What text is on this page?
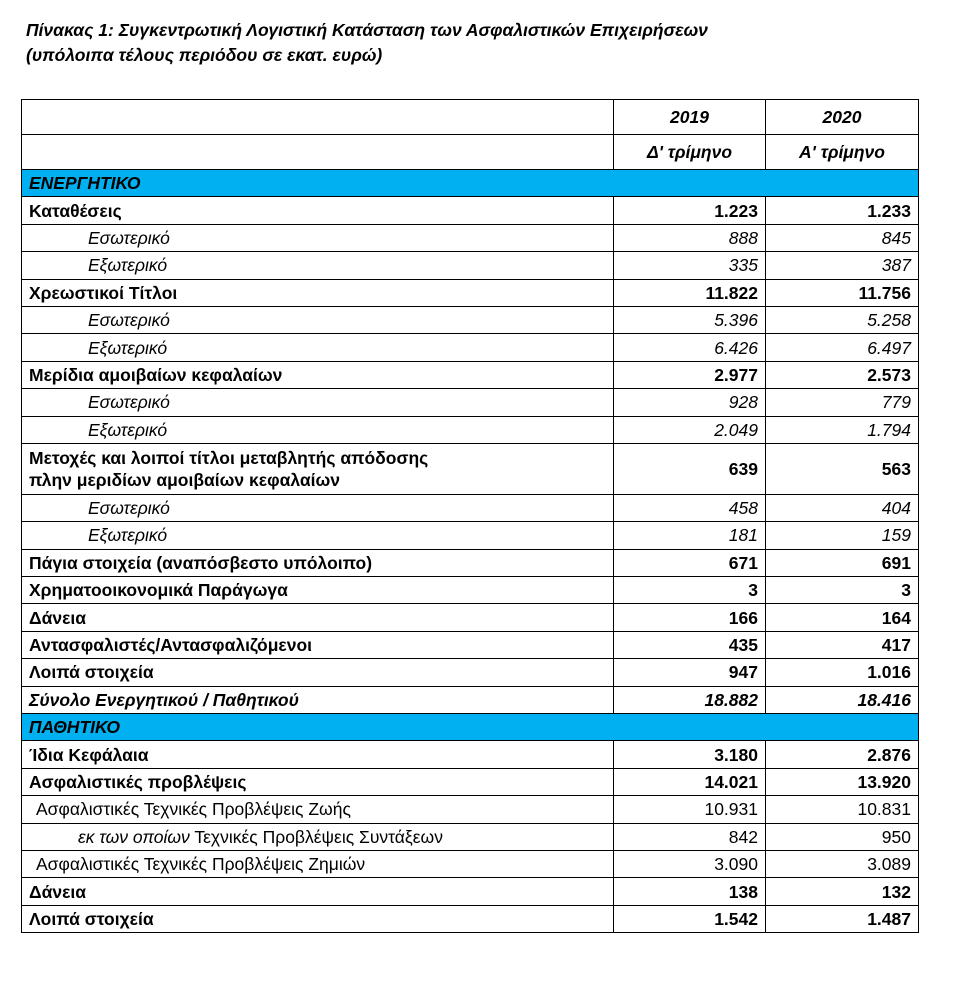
Πίνακας 1: Συγκεντρωτική Λογιστική Κατάσταση των Ασφαλιστικών Επιχειρήσεων
(υπόλοιπα τέλους περιόδου σε εκατ. ευρώ)
	2019	2020
	Δ' τρίμηνο	Α' τρίμηνο
ΕΝΕΡΓΗΤΙΚΟ		
Καταθέσεις	1.223	1.233
Εσωτερικό	888	845
Εξωτερικό	335	387
Χρεωστικοί Τίτλοι	11.822	11.756
Εσωτερικό	5.396	5.258
Εξωτερικό	6.426	6.497
Μερίδια αμοιβαίων κεφαλαίων	2.977	2.573
Εσωτερικό	928	779
Εξωτερικό	2.049	1.794

Μετοχές και λοιποί τίτλοι μεταβλητής απόδοσης
πλην μεριδίων αμοιβαίων κεφαλαίων	639	563
Εσωτερικό	458	404
Εξωτερικό	181	159
Πάγια στοιχεία (αναπόσβεστο υπόλοιπο)	671	691
Χρηματοοικονομικά Παράγωγα	3	3
Δάνεια	166	164
Αντασφαλιστές/Αντασφαλιζόμενοι	435	417
Λοιπά στοιχεία	947	1.016
Σύνολο Ενεργητικού / Παθητικού	18.882	18.416
ΠΑΘΗΤΙΚΟ		
Ίδια Κεφάλαια	3.180	2.876
Ασφαλιστικές προβλέψεις	14.021	13.920
Ασφαλιστικές Τεχνικές Προβλέψεις Ζωής	10.931	10.831
εκ των οποίων Τεχνικές Προβλέψεις Συντάξεων	842	950
Ασφαλιστικές Τεχνικές Προβλέψεις Ζημιών	3.090	3.089
Δάνεια	138	132
Λοιπά στοιχεία	1.542	1.487
